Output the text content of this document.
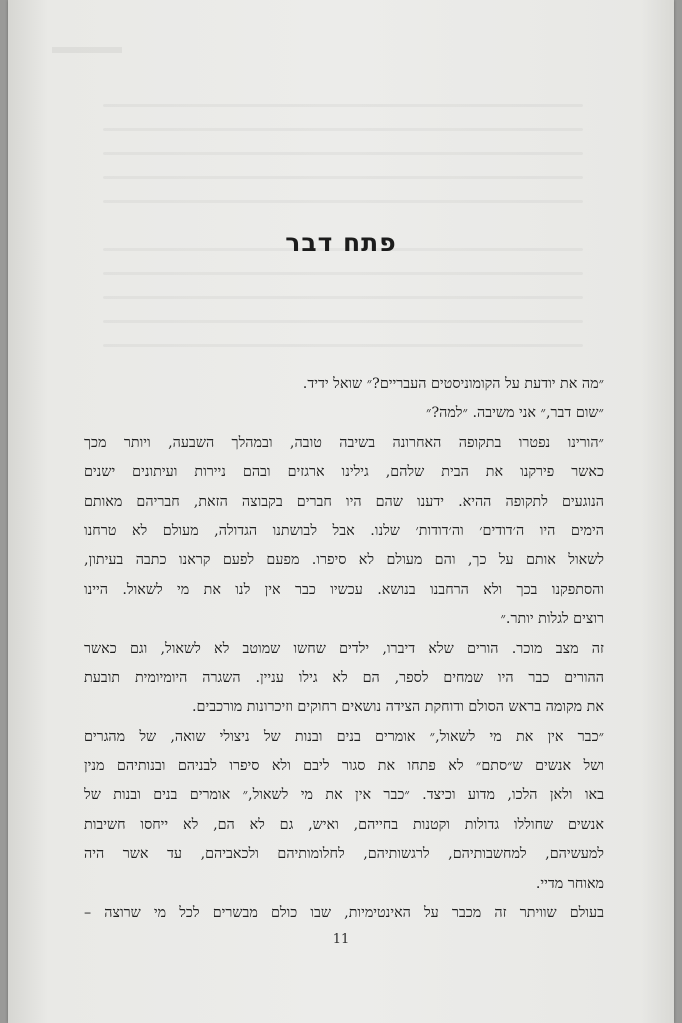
פתח דבר
״מה את יודעת על הקומוניסטים העבריים?״ שואל ידיד.
״שום דבר,״ אני משיבה. ״למה?״
״הורינו נפטרו בתקופה האחרונה בשיבה טובה, ובמהלך השבעה, ויותר מכך
כאשר פירקנו את הבית שלהם, גילינו ארגזים ובהם ניירות ועיתונים ישנים
הנוגעים לתקופה ההיא. ידענו שהם היו חברים בקבוצה הזאת, חבריהם מאותם
הימים היו ה׳דודים׳ וה׳דודות׳ שלנו. אבל לבושתנו הגדולה, מעולם לא טרחנו
לשאול אותם על כך, והם מעולם לא סיפרו. מפעם לפעם קראנו כתבה בעיתון,
והסתפקנו בכך ולא הרחבנו בנושא. עכשיו כבר אין לנו את מי לשאול. היינו
רוצים לגלות יותר.״
זה מצב מוכר. הורים שלא דיברו, ילדים שחשו שמוטב לא לשאול, וגם כאשר
ההורים כבר היו שמחים לספר, הם לא גילו עניין. השגרה היומיומית תובעת
את מקומה בראש הסולם ודוחקת הצידה נושאים רחוקים וזיכרונות מורכבים.
״כבר אין את מי לשאול,״ אומרים בנים ובנות של ניצולי שואה, של מהגרים
ושל אנשים ש״סתם״ לא פתחו את סגור ליבם ולא סיפרו לבניהם ובנותיהם מנין
באו ולאן הלכו, מדוע וכיצד. ״כבר אין את מי לשאול,״ אומרים בנים ובנות של
אנשים שחוללו גדולות וקטנות בחייהם, ואיש, גם לא הם, לא ייחסו חשיבות
למעשיהם, למחשבותיהם, לרגשותיהם, לחלומותיהם ולכאביהם, עד אשר היה
מאוחר מדיי.
בעולם שוויתר זה מכבר על האינטימיות, שבו כולם מבשרים לכל מי שרוצה –
11
